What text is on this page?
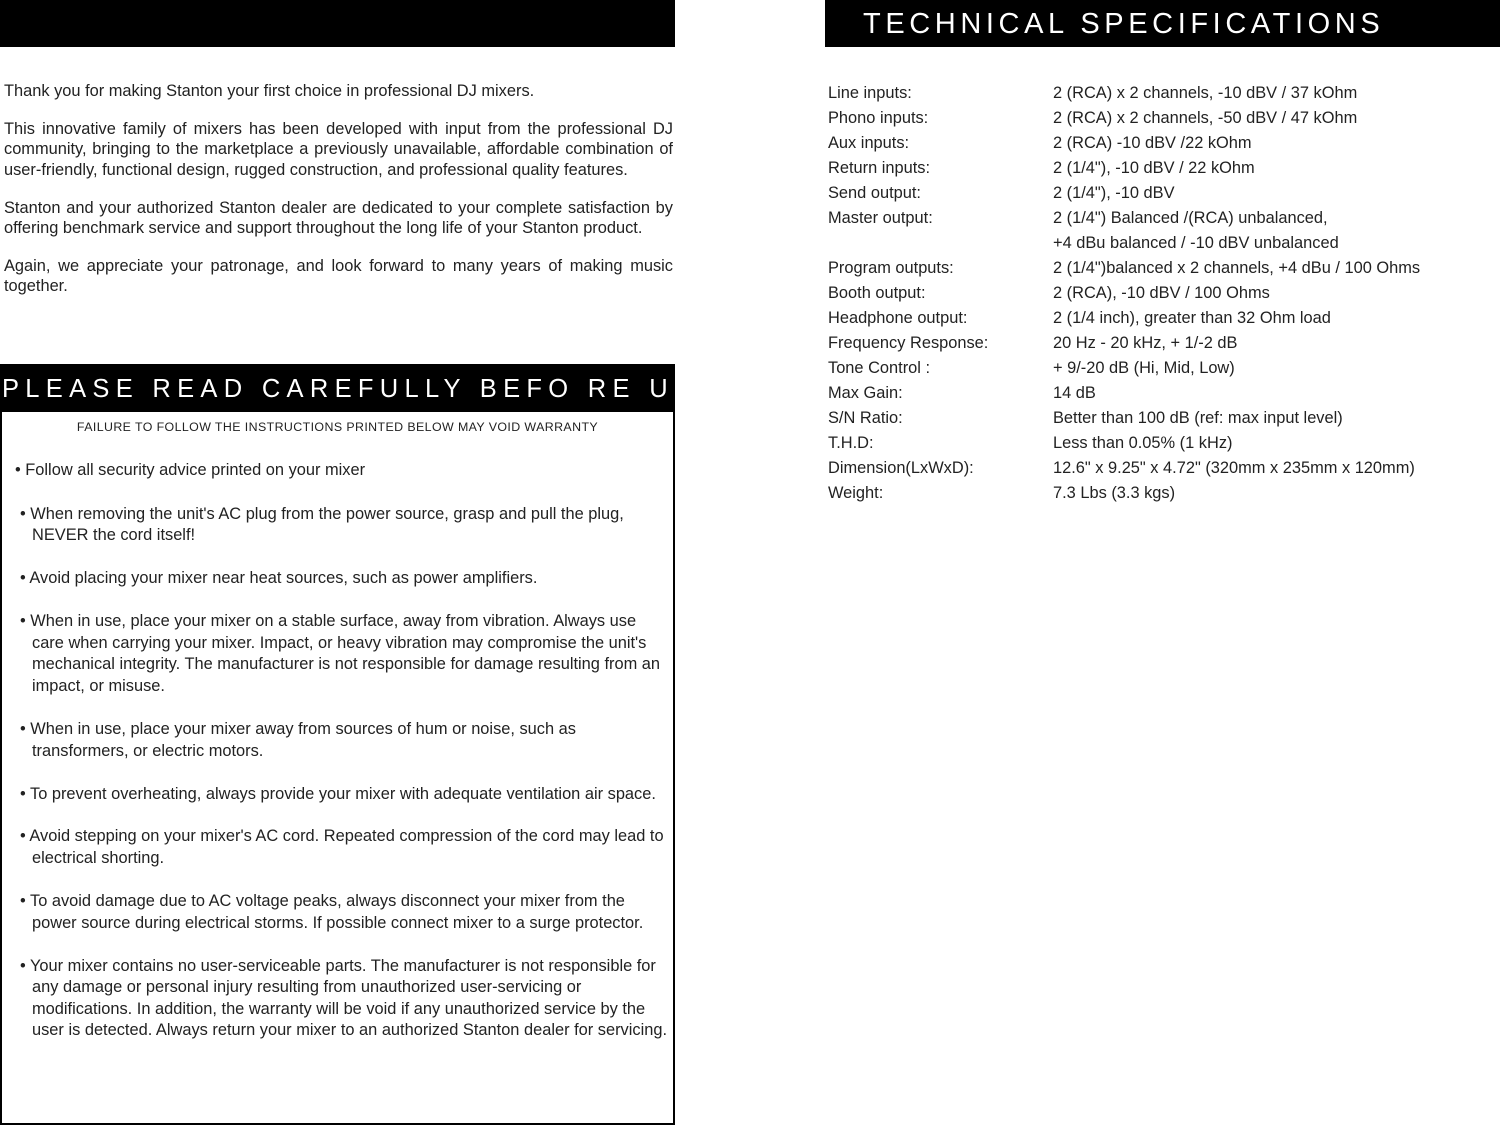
TECHNICAL SPECIFICATIONS

Thank you for making Stanton your first choice in professional DJ mixers.

This innovative family of mixers has been developed with input from the professional DJ community, bringing to the marketplace a previously unavailable, affordable combination of user-friendly, functional design, rugged construction, and professional quality features.

Stanton and your authorized Stanton dealer are dedicated to your complete satisfaction by offering benchmark service and support throughout the long life of your Stanton product.

Again, we appreciate your patronage, and look forward to many years of making music together.

PLEASE READ CAREFULLY BEFO RE USE
FAILURE TO FOLLOW THE INSTRUCTIONS PRINTED BELOW MAY VOID WARRANTY
• Follow all security advice printed on your mixer
• When removing the unit's AC plug from the power source, grasp and pull the plug, NEVER the cord itself!
• Avoid placing your mixer near heat sources, such as power amplifiers.
• When in use, place your mixer on a stable surface, away from vibration. Always use care when carrying your mixer. Impact, or heavy vibration may compromise the unit's mechanical integrity. The manufacturer is not responsible for damage resulting from an impact, or misuse.
• When in use, place your mixer away from sources of hum or noise, such as transformers, or electric motors.
• To prevent overheating, always provide your mixer with adequate ventilation air space.
• Avoid stepping on your mixer's AC cord. Repeated compression of the cord may lead to electrical shorting.
• To avoid damage due to AC voltage peaks, always disconnect your mixer from the power source during electrical storms. If possible connect mixer to a surge protector.
• Your mixer contains no user-serviceable parts. The manufacturer is not responsible for any damage or personal injury resulting from unauthorized user-servicing or modifications. In addition, the warranty will be void if any unauthorized service by the user is detected. Always return your mixer to an authorized Stanton dealer for servicing.
Line inputs:	2 (RCA) x 2 channels, -10 dBV / 37 kOhm
Phono inputs:	2 (RCA) x 2 channels, -50 dBV / 47 kOhm
Aux inputs:	2 (RCA) -10 dBV /22 kOhm
Return inputs:	2 (1/4"), -10 dBV / 22 kOhm
Send output:	2 (1/4"), -10 dBV
Master output:	2 (1/4") Balanced /(RCA) unbalanced,
	+4 dBu balanced / -10 dBV unbalanced
Program outputs:	2 (1/4")balanced x 2 channels, +4 dBu / 100 Ohms
Booth output:	2 (RCA), -10 dBV / 100 Ohms
Headphone output:	2 (1/4 inch), greater than 32 Ohm load
Frequency Response:	20 Hz - 20 kHz, + 1/-2 dB
Tone Control :	+ 9/-20 dB (Hi, Mid, Low)
Max Gain:	14 dB
S/N Ratio:	Better than 100 dB (ref: max input level)
T.H.D:	Less than 0.05% (1 kHz)
Dimension(LxWxD):	12.6" x 9.25" x 4.72" (320mm x 235mm x 120mm)
Weight:	7.3 Lbs (3.3 kgs)
